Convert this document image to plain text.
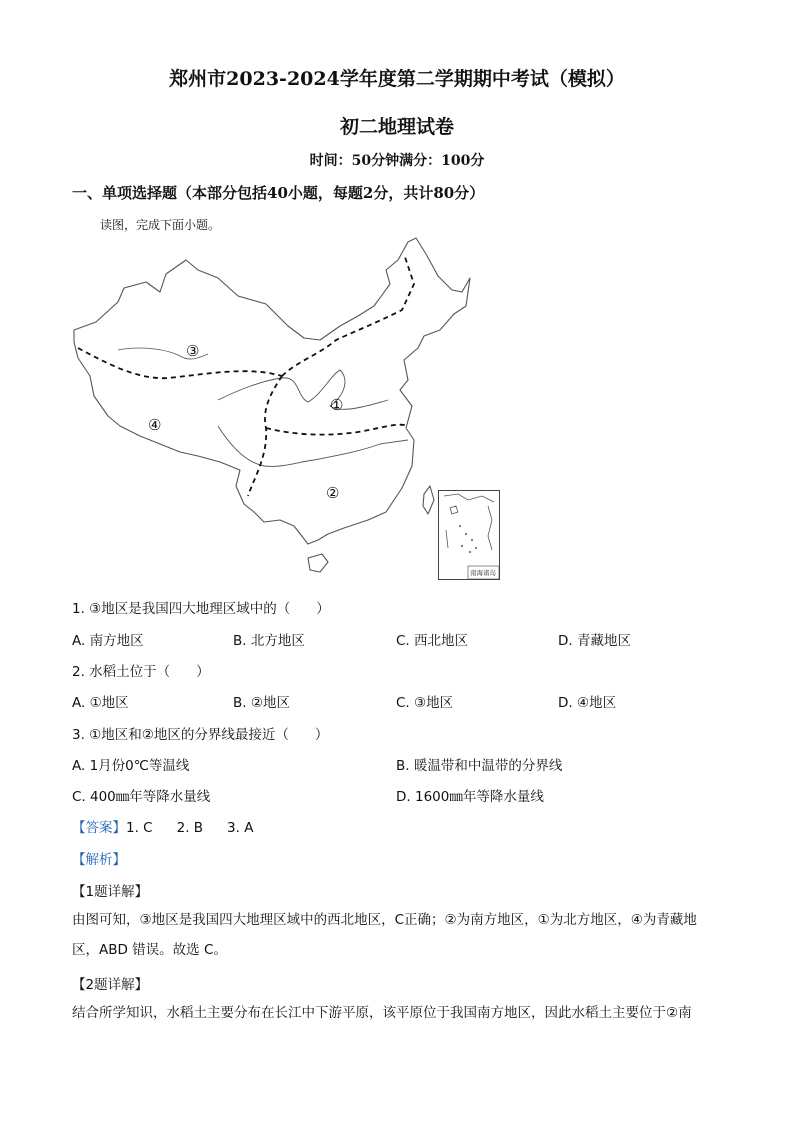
郑州市2023-2024学年度第二学期期中考试（模拟）
初二地理试卷
时间：50分钟满分：100分
一、单项选择题（本部分包括40小题，每题2分，共计80分）
读图，完成下面小题。
③
④
①
②
南海诸岛
1. ③地区是我国四大地理区域中的（ ）
A. 南方地区	B. 北方地区	C. 西北地区	D. 青藏地区
2. 水稻土位于（ ）
A. ①地区	B. ②地区	C. ③地区	D. ④地区
3. ①地区和②地区的分界线最接近（ ）
A. 1月份0℃等温线	B. 暖温带和中温带的分界线
C. 400㎜年等降水量线	D. 1600㎜年等降水量线
【答案】1. C 2. B 3. A
【解析】
【1题详解】
由图可知，③地区是我国四大地理区域中的西北地区，C正确；②为南方地区，①为北方地区，④为青藏地区，ABD 错误。故选 C。
【2题详解】
结合所学知识，水稻土主要分布在长江中下游平原，该平原位于我国南方地区，因此水稻土主要位于②南
